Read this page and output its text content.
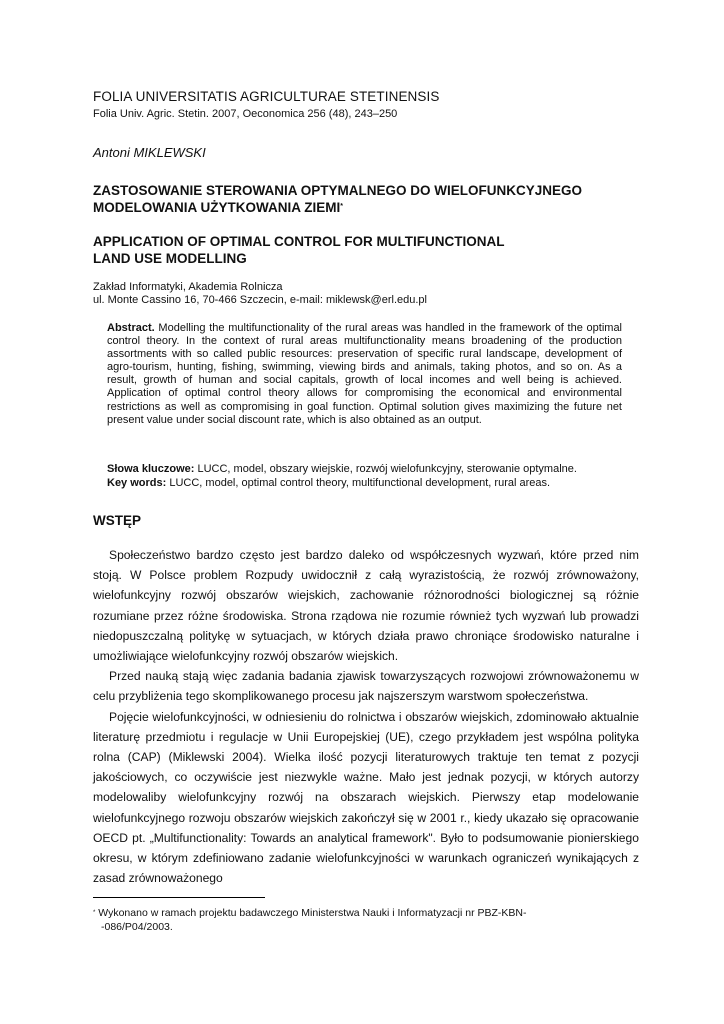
FOLIA UNIVERSITATIS AGRICULTURAE STETINENSIS
Folia Univ. Agric. Stetin. 2007, Oeconomica 256 (48), 243–250
Antoni MIKLEWSKI
ZASTOSOWANIE STEROWANIA OPTYMALNEGO DO WIELOFUNKCYJNEGO
MODELOWANIA UŻYTKOWANIA ZIEMI*
APPLICATION OF OPTIMAL CONTROL FOR MULTIFUNCTIONAL
LAND USE MODELLING
Zakład Informatyki, Akademia Rolnicza
ul. Monte Cassino 16, 70-466 Szczecin, e-mail: miklewsk@erl.edu.pl
Abstract. Modelling the multifunctionality of the rural areas was handled in the framework of the optimal control theory. In the context of rural areas multifunctionality means broadening of the production assortments with so called public resources: preservation of specific rural landscape, development of agro-tourism, hunting, fishing, swimming, viewing birds and animals, taking photos, and so on. As a result, growth of human and social capitals, growth of local incomes and well being is achieved. Application of optimal control theory allows for compromising the economical and environmental restrictions as well as compromising in goal function. Optimal solution gives maximizing the future net present value under social discount rate, which is also obtained as an output.
Słowa kluczowe: LUCC, model, obszary wiejskie, rozwój wielofunkcyjny, sterowanie optymalne.
Key words: LUCC, model, optimal control theory, multifunctional development, rural areas.
WSTĘP

Społeczeństwo bardzo często jest bardzo daleko od współczesnych wyzwań, które przed nim stoją. W Polsce problem Rozpudy uwidocznił z całą wyrazistością, że rozwój zrównoważony, wielofunkcyjny rozwój obszarów wiejskich, zachowanie różnorodności biologicznej są różnie rozumiane przez różne środowiska. Strona rządowa nie rozumie również tych wyzwań lub prowadzi niedopuszczalną politykę w sytuacjach, w których działa prawo chroniące środowisko naturalne i umożliwiające wielofunkcyjny rozwój obszarów wiejskich.

Przed nauką stają więc zadania badania zjawisk towarzyszących rozwojowi zrównoważonemu w celu przybliżenia tego skomplikowanego procesu jak najszerszym warstwom społeczeństwa.

Pojęcie wielofunkcyjności, w odniesieniu do rolnictwa i obszarów wiejskich, zdominowało aktualnie literaturę przedmiotu i regulacje w Unii Europejskiej (UE), czego przykładem jest wspólna polityka rolna (CAP) (Miklewski 2004). Wielka ilość pozycji literaturowych traktuje ten temat z pozycji jakościowych, co oczywiście jest niezwykle ważne. Mało jest jednak pozycji, w których autorzy modelowaliby wielofunkcyjny rozwój na obszarach wiejskich. Pierwszy etap modelowanie wielofunkcyjnego rozwoju obszarów wiejskich zakończył się w 2001 r., kiedy ukazało się opracowanie OECD pt. „Multifunctionality: Towards an analytical framework". Było to podsumowanie pionierskiego okresu, w którym zdefiniowano zadanie wielofunkcyjności w warunkach ograniczeń wynikających z zasad zrównoważonego

* Wykonano w ramach projektu badawczego Ministerstwa Nauki i Informatyzacji nr PBZ-KBN-
-086/P04/2003.
